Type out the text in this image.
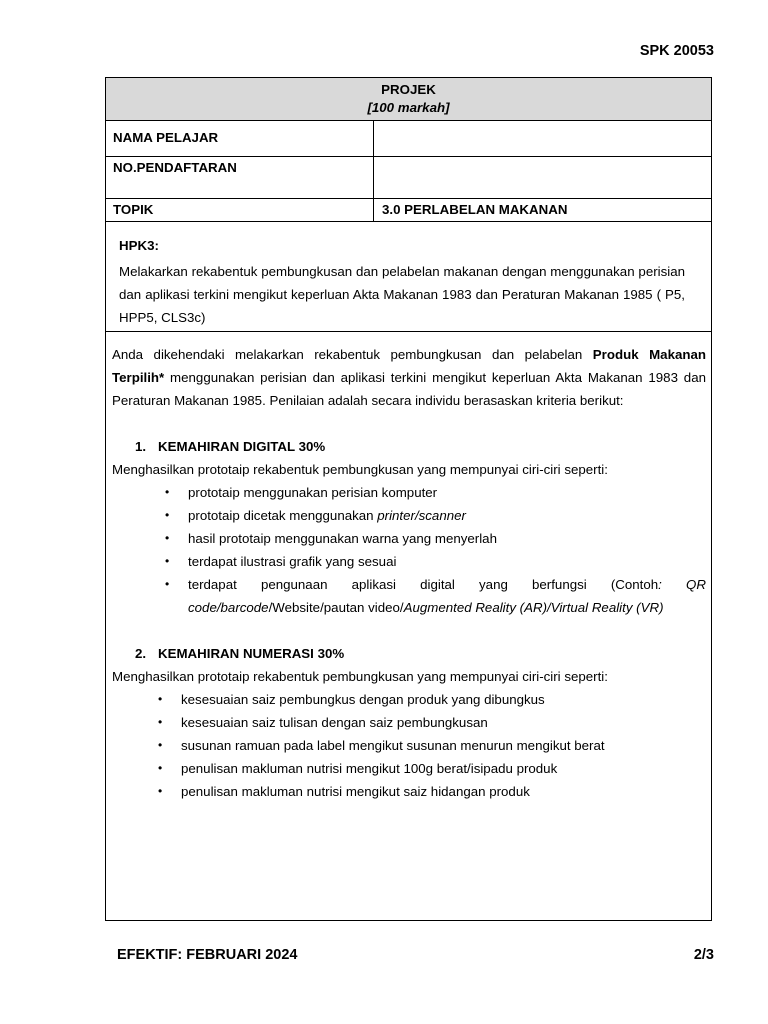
SPK 20053
PROJEK
[100 markah]
NAMA PELAJAR
NO.PENDAFTARAN
TOPIK	3.0 PERLABELAN MAKANAN
HPK3:
Melakarkan rekabentuk pembungkusan dan pelabelan makanan dengan menggunakan perisian dan aplikasi terkini mengikut keperluan Akta Makanan 1983 dan Peraturan Makanan 1985 ( P5, HPP5, CLS3c)
Anda dikehendaki melakarkan rekabentuk pembungkusan dan pelabelan Produk Makanan Terpilih* menggunakan perisian dan aplikasi terkini mengikut keperluan Akta Makanan 1983 dan Peraturan Makanan 1985. Penilaian adalah secara individu berasaskan kriteria berikut:
1. KEMAHIRAN DIGITAL 30%
Menghasilkan prototaip rekabentuk pembungkusan yang mempunyai ciri-ciri seperti:
• prototaip menggunakan perisian komputer
• prototaip dicetak menggunakan printer/scanner
• hasil prototaip menggunakan warna yang menyerlah
• terdapat ilustrasi grafik yang sesuai
• terdapat pengunaan aplikasi digital yang berfungsi (Contoh: QR
code/barcode/Website/pautan video/Augmented Reality (AR)/Virtual Reality (VR)
2. KEMAHIRAN NUMERASI 30%
Menghasilkan prototaip rekabentuk pembungkusan yang mempunyai ciri-ciri seperti:
• kesesuaian saiz pembungkus dengan produk yang dibungkus
• kesesuaian saiz tulisan dengan saiz pembungkusan
• susunan ramuan pada label mengikut susunan menurun mengikut berat
• penulisan makluman nutrisi mengikut 100g berat/isipadu produk
• penulisan makluman nutrisi mengikut saiz hidangan produk
EFEKTIF: FEBRUARI 2024	2/3
